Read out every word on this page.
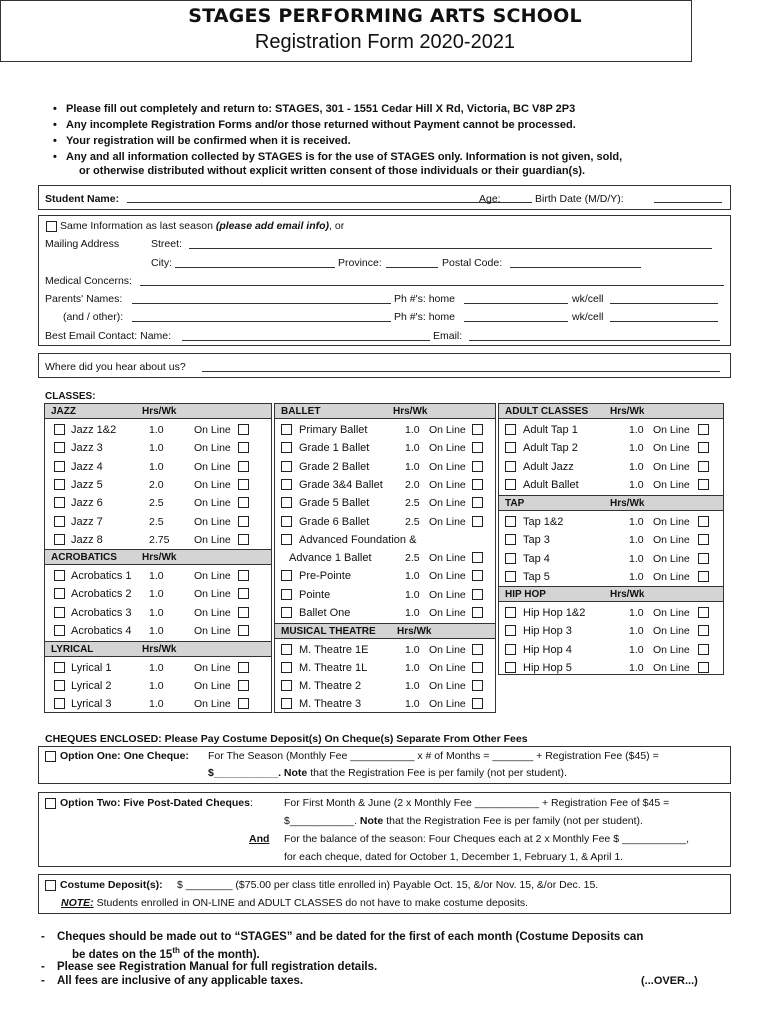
STAGES PERFORMING ARTS SCHOOL
Registration Form 2020-2021
• Please fill out completely and return to: STAGES, 301 - 1551 Cedar Hill X Rd, Victoria, BC V8P 2P3
• Any incomplete Registration Forms and/or those returned without Payment cannot be processed.
• Your registration will be confirmed when it is received.
• Any and all information collected by STAGES is for the use of STAGES only. Information is not given, sold,
or otherwise distributed without explicit written consent of those individuals or their guardian(s).
Student Name:	Age:	Birth Date (M/D/Y):
Same Information as last season (please add email info), or
Mailing Address	Street:
City:	Province:	Postal Code:
Medical Concerns:
Parents' Names:	Ph #'s: home	wk/cell
(and / other):	Ph #'s: home	wk/cell
Best Email Contact: Name:	Email:
Where did you hear about us?
CLASSES:
JAZZ	Hrs/Wk
Jazz 1&2	1.0	On Line
Jazz 3	1.0	On Line
Jazz 4	1.0	On Line
Jazz 5	2.0	On Line
Jazz 6	2.5	On Line
Jazz 7	2.5	On Line
Jazz 8	2.75 On Line
ACROBATICS	Hrs/Wk
Acrobatics 1 1.0	On Line
Acrobatics 2 1.0	On Line
Acrobatics 3 1.0	On Line
Acrobatics 4 1.0	On Line
LYRICAL	Hrs/Wk
Lyrical 1	1.0	On Line
Lyrical 2	1.0	On Line
Lyrical 3	1.0	On Line
BALLET	Hrs/Wk
Primary Ballet	1.0 On Line
Grade 1 Ballet	1.0 On Line
Grade 2 Ballet	1.0 On Line
Grade 3&4 Ballet 2.0 On Line
Grade 5 Ballet	2.5 On Line
Grade 6 Ballet	2.5 On Line
Advanced Foundation &
Advance 1 Ballet	2.5 On Line
Pre-Pointe	1.0 On Line
Pointe	1.0 On Line
Ballet One	1.0 On Line
MUSICAL THEATRE Hrs/Wk
M. Theatre 1E	1.0 On Line
M. Theatre 1L	1.0 On Line
M. Theatre 2	1.0 On Line
M. Theatre 3	1.0 On Line
ADULT CLASSES Hrs/Wk
Adult Tap 1	1.0 On Line
Adult Tap 2	1.0 On Line
Adult Jazz	1.0 On Line
Adult Ballet	1.0 On Line
TAP	Hrs/Wk
Tap 1&2	1.0 On Line
Tap 3	1.0 On Line
Tap 4	1.0 On Line
Tap 5	1.0 On Line
HIP HOP	Hrs/Wk
Hip Hop 1&2	1.0 On Line
Hip Hop 3	1.0 On Line
Hip Hop 4	1.0 On Line
Hip Hop 5	1.0 On Line
CHEQUES ENCLOSED: Please Pay Costume Deposit(s) On Cheque(s) Separate From Other Fees
Option One: One Cheque: For The Season (Monthly Fee ___________ x # of Months = _______ + Registration Fee ($45) =
$___________. Note that the Registration Fee is per family (not per student).
Option Two: Five Post-Dated Cheques:	For First Month & June (2 x Monthly Fee ___________ + Registration Fee of $45 =
$___________. Note that the Registration Fee is per family (not per student).
And For the balance of the season: Four Cheques each at 2 x Monthly Fee $ ___________,
for each cheque, dated for October 1, December 1, February 1, & April 1.
Costume Deposit(s): $ ________ ($75.00 per class title enrolled in) Payable Oct. 15, &/or Nov. 15, &/or Dec. 15.
NOTE: Students enrolled in ON-LINE and ADULT CLASSES do not have to make costume deposits.
- Cheques should be made out to “STAGES” and be dated for the first of each month (Costume Deposits can
be dates on the 15th of the month).
- Please see Registration Manual for full registration details.
- All fees are inclusive of any applicable taxes.	(...OVER...)
